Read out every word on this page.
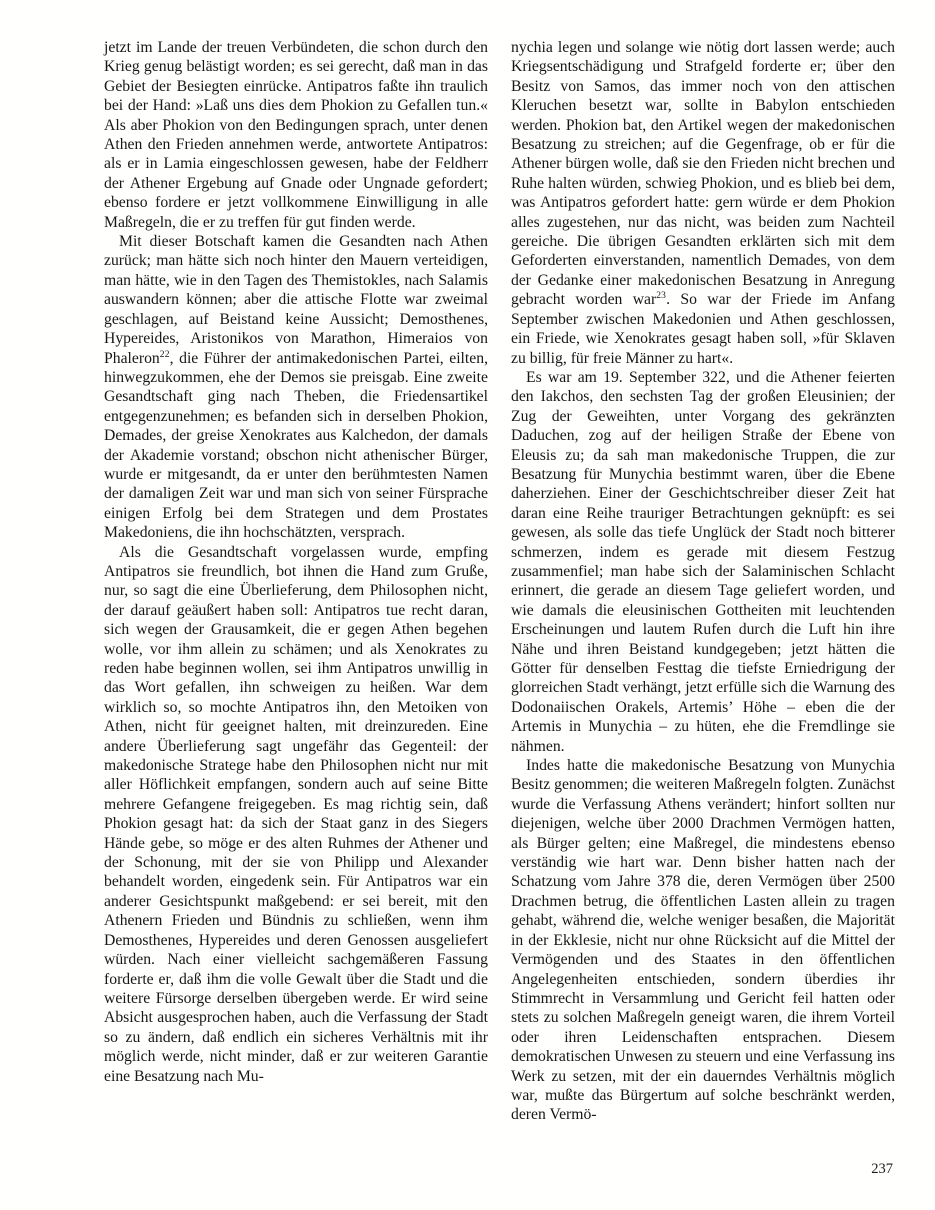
jetzt im Lande der treuen Verbündeten, die schon durch den Krieg genug belästigt worden; es sei gerecht, daß man in das Gebiet der Besiegten einrücke. Antipatros faßte ihn traulich bei der Hand: »Laß uns dies dem Phokion zu Gefallen tun.« Als aber Phokion von den Bedingungen sprach, unter denen Athen den Frieden annehmen werde, antwortete Antipatros: als er in Lamia eingeschlossen gewesen, habe der Feldherr der Athener Ergebung auf Gnade oder Ungnade gefordert; ebenso fordere er jetzt vollkommene Einwilligung in alle Maßregeln, die er zu treffen für gut finden werde.

Mit dieser Botschaft kamen die Gesandten nach Athen zurück; man hätte sich noch hinter den Mauern verteidigen, man hätte, wie in den Tagen des Themistokles, nach Salamis auswandern können; aber die attische Flotte war zweimal geschlagen, auf Beistand keine Aussicht; Demosthenes, Hypereides, Aristonikos von Marathon, Himeraios von Phaleron$^{22}$, die Führer der antimakedonischen Partei, eilten, hinwegzukommen, ehe der Demos sie preisgab. Eine zweite Gesandtschaft ging nach Theben, die Friedensartikel entgegenzunehmen; es befanden sich in derselben Phokion, Demades, der greise Xenokrates aus Kalchedon, der damals der Akademie vorstand; obschon nicht athenischer Bürger, wurde er mitgesandt, da er unter den berühmtesten Namen der damaligen Zeit war und man sich von seiner Fürsprache einigen Erfolg bei dem Strategen und dem Prostates Makedoniens, die ihn hochschätzten, versprach.

Als die Gesandtschaft vorgelassen wurde, empfing Antipatros sie freundlich, bot ihnen die Hand zum Gruße, nur, so sagt die eine Überlieferung, dem Philosophen nicht, der darauf geäußert haben soll: Antipatros tue recht daran, sich wegen der Grausamkeit, die er gegen Athen begehen wolle, vor ihm allein zu schämen; und als Xenokrates zu reden habe beginnen wollen, sei ihm Antipatros unwillig in das Wort gefallen, ihn schweigen zu heißen. War dem wirklich so, so mochte Antipatros ihn, den Metoiken von Athen, nicht für geeignet halten, mit dreinzureden. Eine andere Überlieferung sagt ungefähr das Gegenteil: der makedonische Stratege habe den Philosophen nicht nur mit aller Höflichkeit empfangen, sondern auch auf seine Bitte mehrere Gefangene freigegeben. Es mag richtig sein, daß Phokion gesagt hat: da sich der Staat ganz in des Siegers Hände gebe, so möge er des alten Ruhmes der Athener und der Schonung, mit der sie von Philipp und Alexander behandelt worden, eingedenk sein. Für Antipatros war ein anderer Gesichtspunkt maßgebend: er sei bereit, mit den Athenern Frieden und Bündnis zu schließen, wenn ihm Demosthenes, Hypereides und deren Genossen ausgeliefert würden. Nach einer vielleicht sachgemäßeren Fassung forderte er, daß ihm die volle Gewalt über die Stadt und die weitere Fürsorge derselben übergeben werde. Er wird seine Absicht ausgesprochen haben, auch die Verfassung der Stadt so zu ändern, daß endlich ein sicheres Verhältnis mit ihr möglich werde, nicht minder, daß er zur weiteren Garantie eine Besatzung nach Mu-

nychia legen und solange wie nötig dort lassen werde; auch Kriegsentschädigung und Strafgeld forderte er; über den Besitz von Samos, das immer noch von den attischen Kleruchen besetzt war, sollte in Babylon entschieden werden. Phokion bat, den Artikel wegen der makedonischen Besatzung zu streichen; auf die Gegenfrage, ob er für die Athener bürgen wolle, daß sie den Frieden nicht brechen und Ruhe halten würden, schwieg Phokion, und es blieb bei dem, was Antipatros gefordert hatte: gern würde er dem Phokion alles zugestehen, nur das nicht, was beiden zum Nachteil gereiche. Die übrigen Gesandten erklärten sich mit dem Geforderten einverstanden, namentlich Demades, von dem der Gedanke einer makedonischen Besatzung in Anregung gebracht worden war$^{23}$. So war der Friede im Anfang September zwischen Makedonien und Athen geschlossen, ein Friede, wie Xenokrates gesagt haben soll, »für Sklaven zu billig, für freie Männer zu hart«.

Es war am 19. September 322, und die Athener feierten den Iakchos, den sechsten Tag der großen Eleusinien; der Zug der Geweihten, unter Vorgang des gekränzten Daduchen, zog auf der heiligen Straße der Ebene von Eleusis zu; da sah man makedonische Truppen, die zur Besatzung für Munychia bestimmt waren, über die Ebene daherziehen. Einer der Geschichtschreiber dieser Zeit hat daran eine Reihe trauriger Betrachtungen geknüpft: es sei gewesen, als solle das tiefe Unglück der Stadt noch bitterer schmerzen, indem es gerade mit diesem Festzug zusammenfiel; man habe sich der Salaminischen Schlacht erinnert, die gerade an diesem Tage geliefert worden, und wie damals die eleusinischen Gottheiten mit leuchtenden Erscheinungen und lautem Rufen durch die Luft hin ihre Nähe und ihren Beistand kundgegeben; jetzt hätten die Götter für denselben Festtag die tiefste Erniedrigung der glorreichen Stadt verhängt, jetzt erfülle sich die Warnung des Dodonaiischen Orakels, Artemis’ Höhe – eben die der Artemis in Munychia – zu hüten, ehe die Fremdlinge sie nähmen.

Indes hatte die makedonische Besatzung von Munychia Besitz genommen; die weiteren Maßregeln folgten. Zunächst wurde die Verfassung Athens verändert; hinfort sollten nur diejenigen, welche über 2000 Drachmen Vermögen hatten, als Bürger gelten; eine Maßregel, die mindestens ebenso verständig wie hart war. Denn bisher hatten nach der Schatzung vom Jahre 378 die, deren Vermögen über 2500 Drachmen betrug, die öffentlichen Lasten allein zu tragen gehabt, während die, welche weniger besaßen, die Majorität in der Ekklesie, nicht nur ohne Rücksicht auf die Mittel der Vermögenden und des Staates in den öffentlichen Angelegenheiten entschieden, sondern überdies ihr Stimmrecht in Versammlung und Gericht feil hatten oder stets zu solchen Maßregeln geneigt waren, die ihrem Vorteil oder ihren Leidenschaften entsprachen. Diesem demokratischen Unwesen zu steuern und eine Verfassung ins Werk zu setzen, mit der ein dauerndes Verhältnis möglich war, mußte das Bürgertum auf solche beschränkt werden, deren Vermö-

237
